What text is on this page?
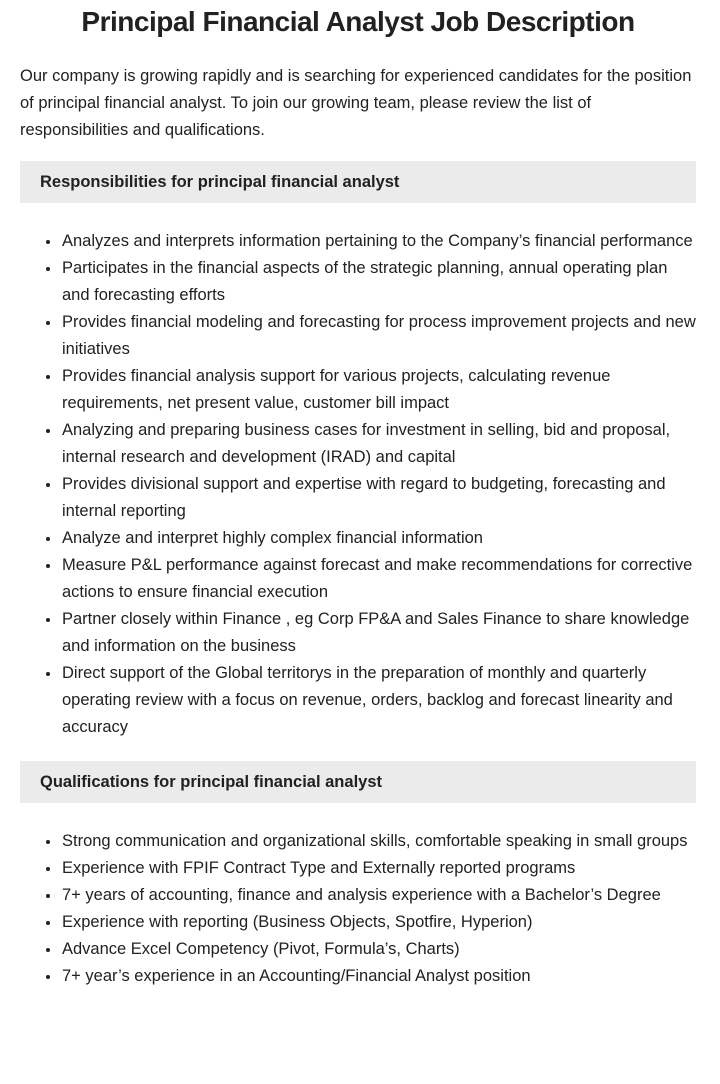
Principal Financial Analyst Job Description

Our company is growing rapidly and is searching for experienced candidates for the position of principal financial analyst. To join our growing team, please review the list of responsibilities and qualifications.

Responsibilities for principal financial analyst
• Analyzes and interprets information pertaining to the Company’s financial performance
• Participates in the financial aspects of the strategic planning, annual operating plan and forecasting efforts
• Provides financial modeling and forecasting for process improvement projects and new initiatives
• Provides financial analysis support for various projects, calculating revenue requirements, net present value, customer bill impact
• Analyzing and preparing business cases for investment in selling, bid and proposal, internal research and development (IRAD) and capital
• Provides divisional support and expertise with regard to budgeting, forecasting and internal reporting
• Analyze and interpret highly complex financial information
• Measure P&L performance against forecast and make recommendations for corrective actions to ensure financial execution
• Partner closely within Finance , eg Corp FP&A and Sales Finance to share knowledge and information on the business
• Direct support of the Global territorys in the preparation of monthly and quarterly operating review with a focus on revenue, orders, backlog and forecast linearity and accuracy
Qualifications for principal financial analyst
• Strong communication and organizational skills, comfortable speaking in small groups
• Experience with FPIF Contract Type and Externally reported programs
• 7+ years of accounting, finance and analysis experience with a Bachelor’s Degree
• Experience with reporting (Business Objects, Spotfire, Hyperion)
• Advance Excel Competency (Pivot, Formula’s, Charts)
• 7+ year’s experience in an Accounting/Financial Analyst position
